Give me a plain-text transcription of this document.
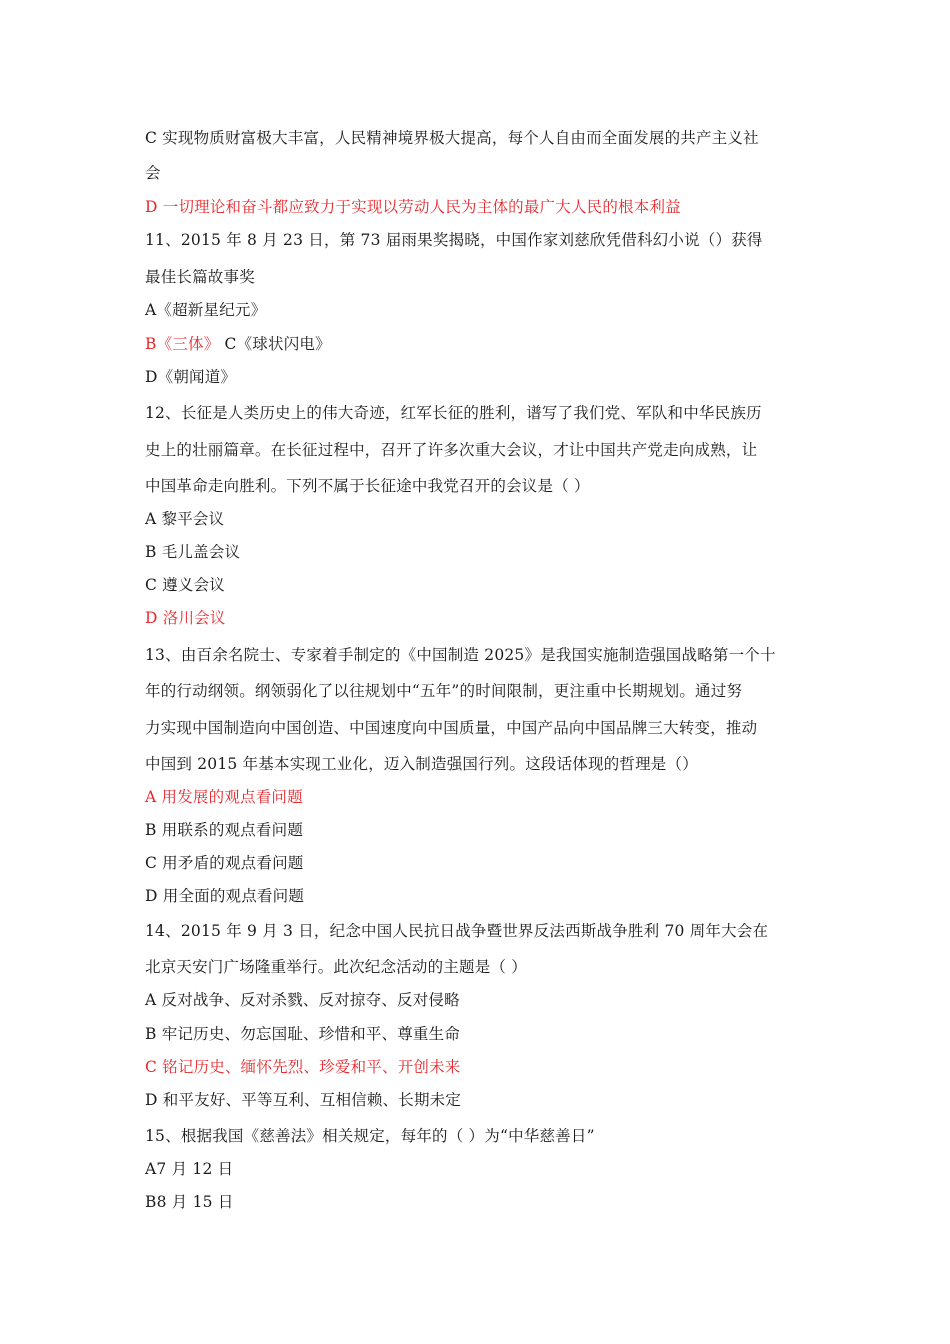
C 实现物质财富极大丰富，人民精神境界极大提高，每个人自由而全面发展的共产主义社
会
D 一切理论和奋斗都应致力于实现以劳动人民为主体的最广大人民的根本利益
11、2015 年 8 月 23 日，第 73 届雨果奖揭晓，中国作家刘慈欣凭借科幻小说（）获得
最佳长篇故事奖
A《超新星纪元》
B《三体》 C《球状闪电》
D《朝闻道》
12、长征是人类历史上的伟大奇迹，红军长征的胜利，谱写了我们党、军队和中华民族历
史上的壮丽篇章。在长征过程中，召开了许多次重大会议，才让中国共产党走向成熟，让
中国革命走向胜利。下列不属于长征途中我党召开的会议是（ ）
A 黎平会议
B 毛儿盖会议
C 遵义会议
D 洛川会议
13、由百余名院士、专家着手制定的《中国制造 2025》是我国实施制造强国战略第一个十
年的行动纲领。纲领弱化了以往规划中“五年”的时间限制，更注重中长期规划。通过努
力实现中国制造向中国创造、中国速度向中国质量，中国产品向中国品牌三大转变，推动
中国到 2015 年基本实现工业化，迈入制造强国行列。这段话体现的哲理是（）
A 用发展的观点看问题
B 用联系的观点看问题
C 用矛盾的观点看问题
D 用全面的观点看问题
14、2015 年 9 月 3 日，纪念中国人民抗日战争暨世界反法西斯战争胜利 70 周年大会在
北京天安门广场隆重举行。此次纪念活动的主题是（ ）
A 反对战争、反对杀戮、反对掠夺、反对侵略
B 牢记历史、勿忘国耻、珍惜和平、尊重生命
C 铭记历史、缅怀先烈、珍爱和平、开创未来
D 和平友好、平等互利、互相信赖、长期未定
15、根据我国《慈善法》相关规定，每年的（ ）为“中华慈善日”
A7 月 12 日
B8 月 15 日
